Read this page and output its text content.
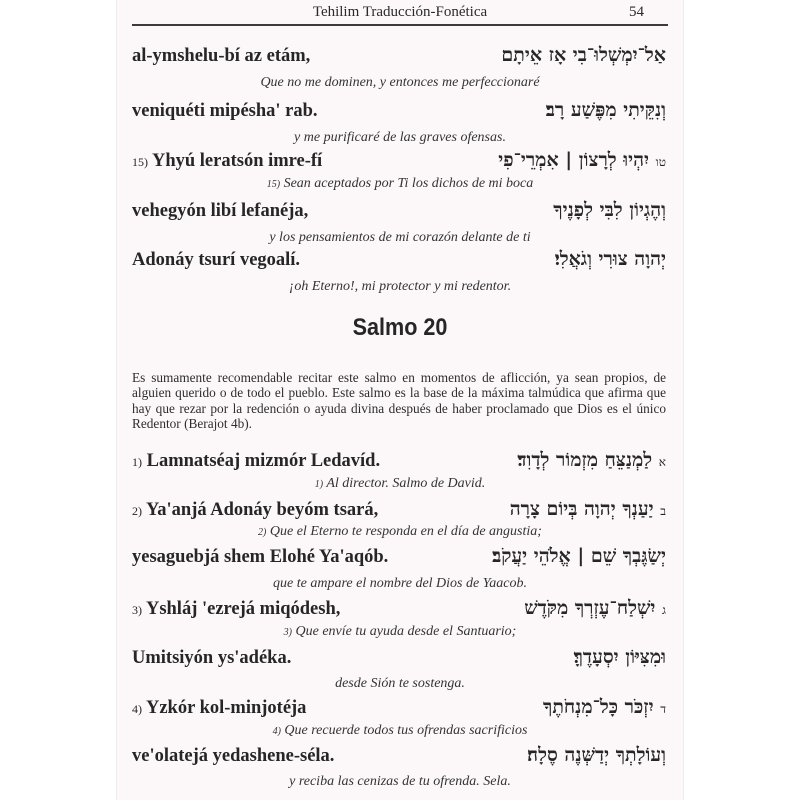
Tehilim Traducción-Fonética	54
al-ymshelu-bí az etám,	אַל־יִמְשְׁלוּ־בִי אָז אֵיתָם
Que no me dominen, y entonces me perfeccionaré
veniquéti mipésha' rab.	וְנִקֵּיתִי מִפֶּשַׁע רָב׃
y me purificaré de las graves ofensas.
15) Yhyú leratsón imre-fí	טו יִהְיוּ לְרָצוֹן | אִמְרֵי־פִי
15) Sean aceptados por Ti los dichos de mi boca
vehegyón libí lefanéja,	וְהֶגְיוֹן לִבִּי לְפָנֶיךָ
y los pensamientos de mi corazón delante de ti
Adonáy tsurí vegoalí.	יְהוָה צוּרִי וְגֹאֲלִי׃
¡oh Eterno!, mi protector y mi redentor.
Salmo 20
Es sumamente recomendable recitar este salmo en momentos de aflicción, ya sean propios, de alguien querido o de todo el pueblo. Este salmo es la base de la máxima talmúdica que afirma que hay que rezar por la redención o ayuda divina después de haber proclamado que Dios es el único Redentor (Berajot 4b).
1) Lamnatséaj mizmór Ledavíd.	א לַמְנַצֵּחַ מִזְמוֹר לְדָוִד׃
1) Al director. Salmo de David.
2) Ya'anjá Adonáy beyóm tsará,	ב יַעַנְךָ יְהוָה בְּיוֹם צָרָה
2) Que el Eterno te responda en el día de angustia;
yesaguebjá shem Elohé Ya'aqób.	יְשַׂגֶּבְךָ שֵׁם | אֱלֹהֵי יַעֲקֹב׃
que te ampare el nombre del Dios de Yaacob.
3) Yshláj 'ezrejá miqódesh,	ג יִשְׁלַח־עֶזְרְךָ מִקֹּדֶשׁ
3) Que envíe tu ayuda desde el Santuario;
Umitsiyón ys'adéka.	וּמִצִּיּוֹן יִסְעָדֶךָּ׃
desde Sión te sostenga.
4) Yzkór kol-minjotéja	ד יִזְכֹּר כָּל־מִנְחֹתֶךָ
4) Que recuerde todos tus ofrendas sacrificios
ve'olatejá yedashene-séla.	וְעוֹלָתְךָ יְדַשְּׁנֶה סֶלָה׃
y reciba las cenizas de tu ofrenda. Sela.
